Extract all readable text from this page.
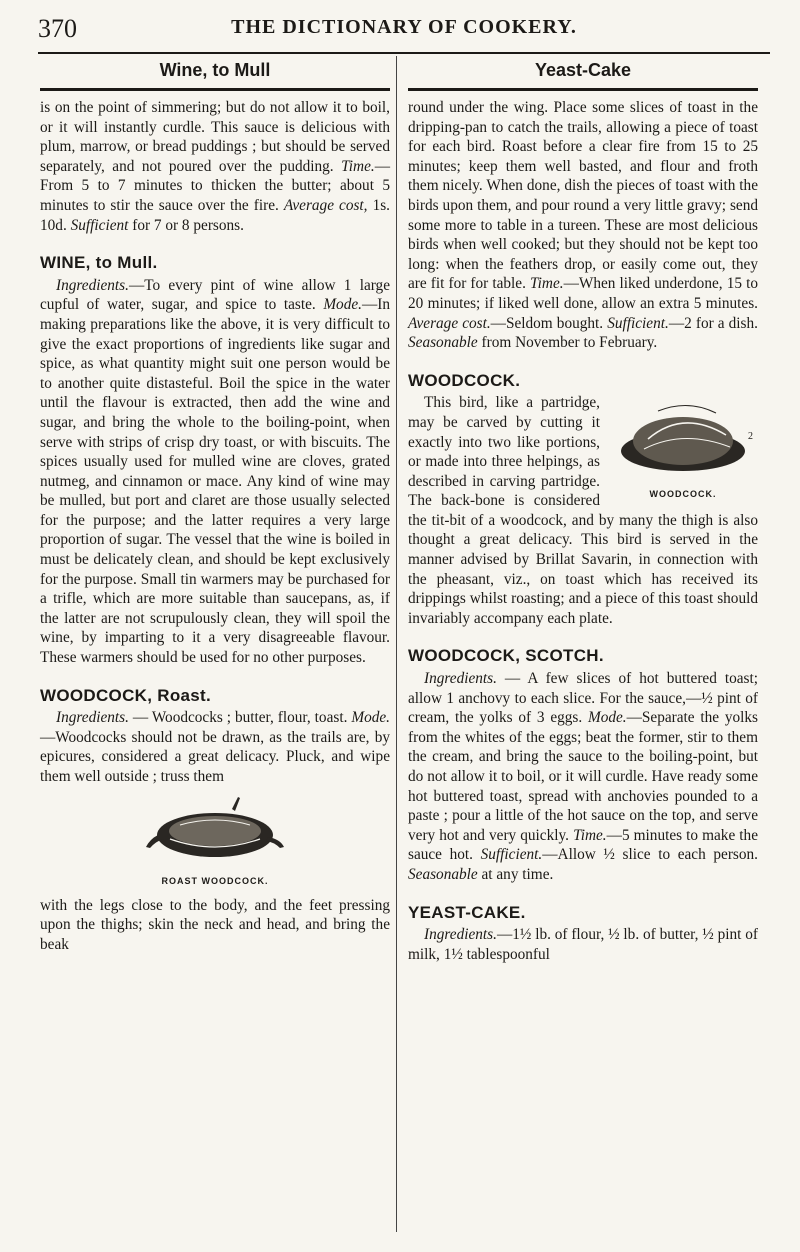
370	THE DICTIONARY OF COOKERY.
Wine, to Mull	Yeast-Cake

is on the point of simmering; but do not allow it to boil, or it will instantly curdle. This sauce is delicious with plum, marrow, or bread puddings ; but should be served separately, and not poured over the pudding. Time.—From 5 to 7 minutes to thicken the butter; about 5 minutes to stir the sauce over the fire. Average cost, 1s. 10d. Sufficient for 7 or 8 persons.

WINE, to Mull.

Ingredients.—To every pint of wine allow 1 large cupful of water, sugar, and spice to taste. Mode.—In making preparations like the above, it is very difficult to give the exact proportions of ingredients like sugar and spice, as what quantity might suit one person would be to another quite distasteful. Boil the spice in the water until the flavour is extracted, then add the wine and sugar, and bring the whole to the boiling-point, when serve with strips of crisp dry toast, or with biscuits. The spices usually used for mulled wine are cloves, grated nutmeg, and cinnamon or mace. Any kind of wine may be mulled, but port and claret are those usually selected for the purpose; and the latter requires a very large proportion of sugar. The vessel that the wine is boiled in must be delicately clean, and should be kept exclusively for the purpose. Small tin warmers may be purchased for a trifle, which are more suitable than saucepans, as, if the latter are not scrupulously clean, they will spoil the wine, by imparting to it a very disagreeable flavour. These warmers should be used for no other purposes.

WOODCOCK, Roast.

Ingredients. — Woodcocks ; butter, flour, toast. Mode.—Woodcocks should not be drawn, as the trails are, by epicures, considered a great delicacy. Pluck, and wipe them well outside ; truss them

ROAST WOODCOCK.

with the legs close to the body, and the feet pressing upon the thighs; skin the neck and head, and bring the beak

round under the wing. Place some slices of toast in the dripping-pan to catch the trails, allowing a piece of toast for each bird. Roast before a clear fire from 15 to 25 minutes; keep them well basted, and flour and froth them nicely. When done, dish the pieces of toast with the birds upon them, and pour round a very little gravy; send some more to table in a tureen. These are most delicious birds when well cooked; but they should not be kept too long: when the feathers drop, or easily come out, they are fit for for table. Time.—When liked underdone, 15 to 20 minutes; if liked well done, allow an extra 5 minutes. Average cost.—Seldom bought. Sufficient.—2 for a dish. Seasonable from November to February.

WOODCOCK.
2
WOODCOCK.

This bird, like a partridge, may be carved by cutting it exactly into two like portions, or made into three helpings, as described in carving partridge. The back-bone is considered the tit-bit of a woodcock, and by many the thigh is also thought a great delicacy. This bird is served in the manner advised by Brillat Savarin, in connection with the pheasant, viz., on toast which has received its drippings whilst roasting; and a piece of this toast should invariably accompany each plate.

WOODCOCK, SCOTCH.

Ingredients. — A few slices of hot buttered toast; allow 1 anchovy to each slice. For the sauce,—½ pint of cream, the yolks of 3 eggs. Mode.—Separate the yolks from the whites of the eggs; beat the former, stir to them the cream, and bring the sauce to the boiling-point, but do not allow it to boil, or it will curdle. Have ready some hot buttered toast, spread with anchovies pounded to a paste ; pour a little of the hot sauce on the top, and serve very hot and very quickly. Time.—5 minutes to make the sauce hot. Sufficient.—Allow ½ slice to each person. Seasonable at any time.

YEAST-CAKE.

Ingredients.—1½ lb. of flour, ½ lb. of butter, ½ pint of milk, 1½ tablespoonful
